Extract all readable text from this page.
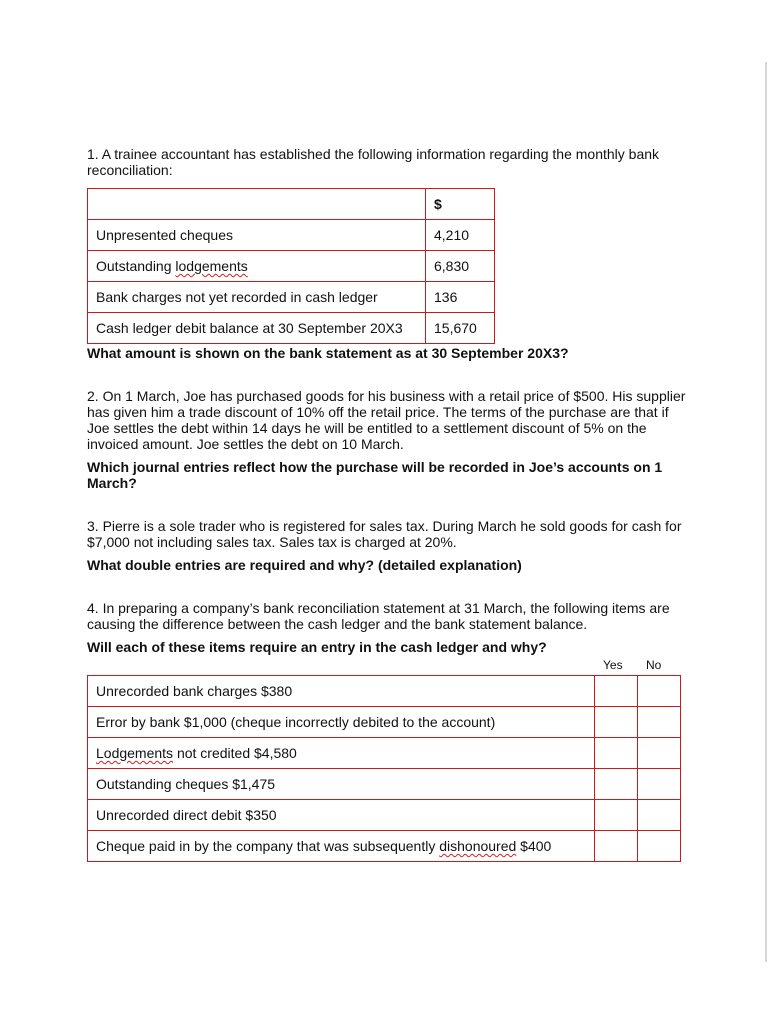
1. A trainee accountant has established the following information regarding the monthly bank reconciliation:

	$
Unpresented cheques	4,210
Outstanding lodgements	6,830
Bank charges not yet recorded in cash ledger	136
Cash ledger debit balance at 30 September 20X3	15,670

What amount is shown on the bank statement as at 30 September 20X3?

2. On 1 March, Joe has purchased goods for his business with a retail price of $500. His supplier has given him a trade discount of 10% off the retail price. The terms of the purchase are that if Joe settles the debt within 14 days he will be entitled to a settlement discount of 5% on the invoiced amount. Joe settles the debt on 10 March.

Which journal entries reflect how the purchase will be recorded in Joe’s accounts on 1 March?

3. Pierre is a sole trader who is registered for sales tax. During March he sold goods for cash for $7,000 not including sales tax. Sales tax is charged at 20%.

What double entries are required and why? (detailed explanation)

4. In preparing a company’s bank reconciliation statement at 31 March, the following items are causing the difference between the cash ledger and the bank statement balance.

Will each of these items require an entry in the cash ledger and why?

Yes No
Unrecorded bank charges $380		
Error by bank $1,000 (cheque incorrectly debited to the account)		
Lodgements not credited $4,580		
Outstanding cheques $1,475		
Unrecorded direct debit $350		
Cheque paid in by the company that was subsequently dishonoured $400		
